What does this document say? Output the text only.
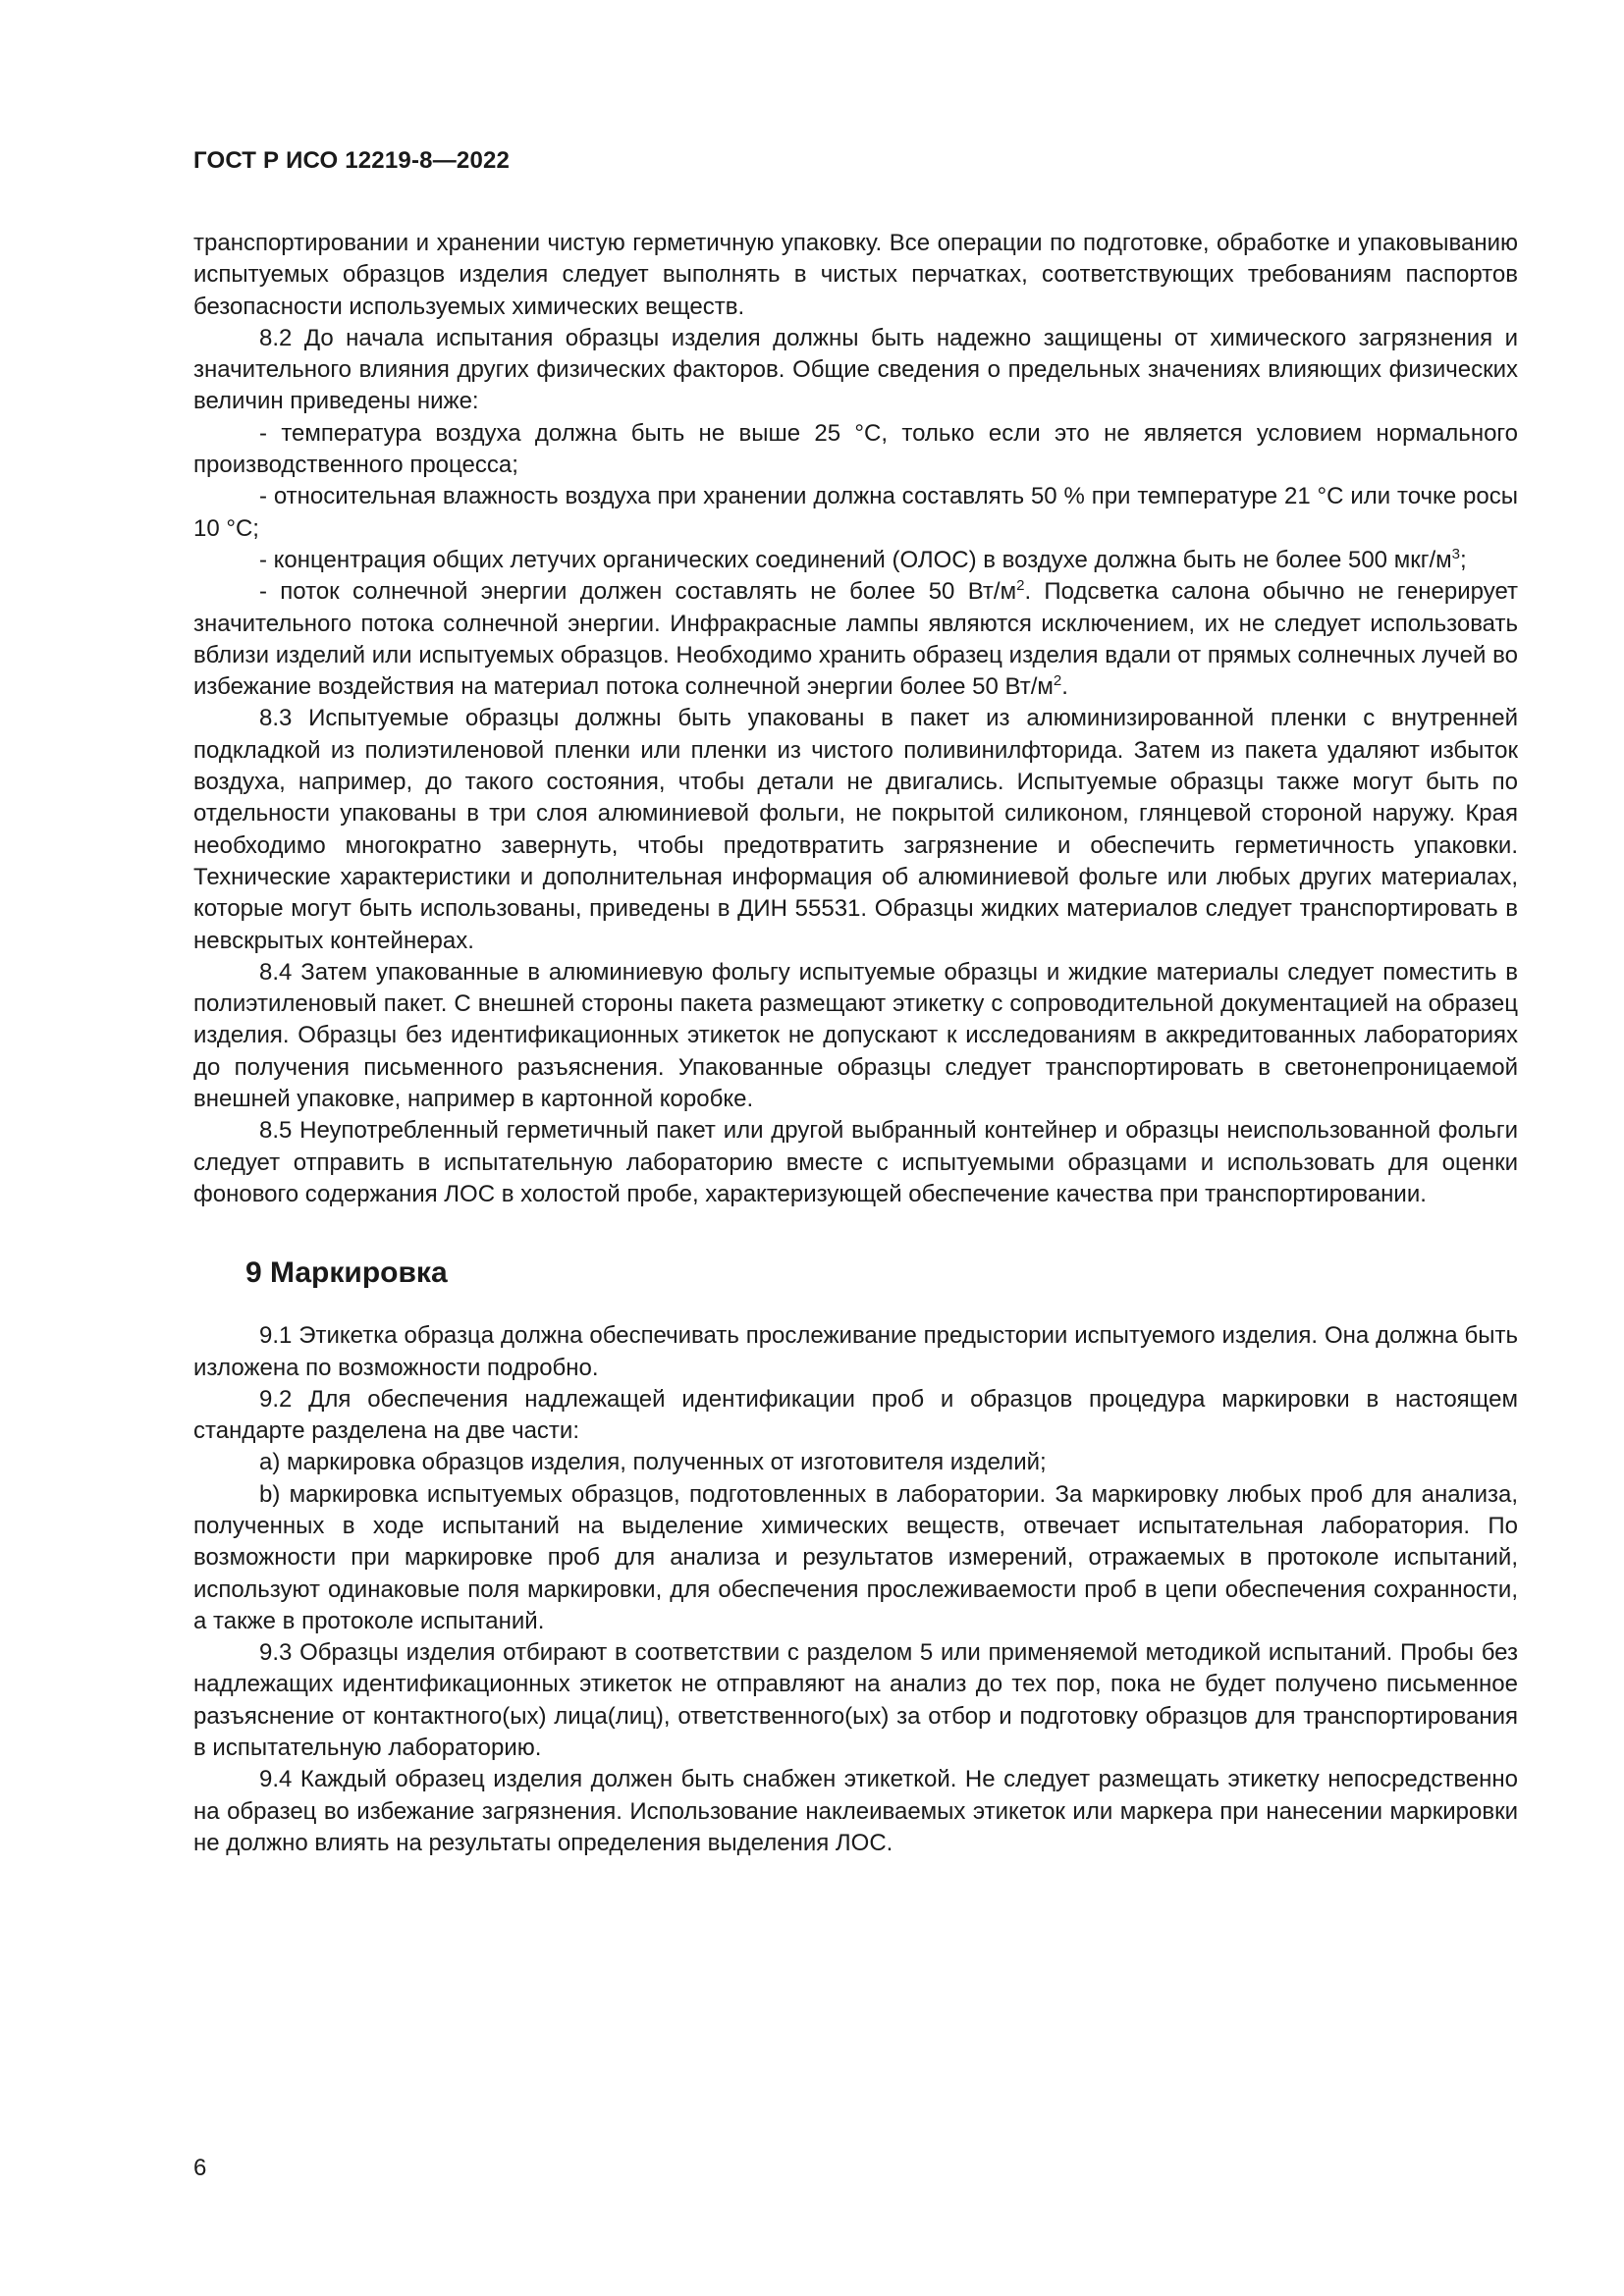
ГОСТ Р ИСО 12219-8—2022

транспортировании и хранении чистую герметичную упаковку. Все операции по подготовке, обработке и упаковыванию испытуемых образцов изделия следует выполнять в чистых перчатках, соответствующих требованиям паспортов безопасности используемых химических веществ.

8.2 До начала испытания образцы изделия должны быть надежно защищены от химического загрязнения и значительного влияния других физических факторов. Общие сведения о предельных значениях влияющих физических величин приведены ниже:

- температура воздуха должна быть не выше 25 °С, только если это не является условием нормального производственного процесса;

- относительная влажность воздуха при хранении должна составлять 50 % при температуре 21 °С или точке росы 10 °С;

- концентрация общих летучих органических соединений (ОЛОС) в воздухе должна быть не более 500 мкг/$м^3$;

- поток солнечной энергии должен составлять не более 50 $Вт/м^2$. Подсветка салона обычно не генерирует значительного потока солнечной энергии. Инфракрасные лампы являются исключением, их не следует использовать вблизи изделий или испытуемых образцов. Необходимо хранить образец изделия вдали от прямых солнечных лучей во избежание воздействия на материал потока солнечной энергии более 50 $Вт/м^2$.

8.3 Испытуемые образцы должны быть упакованы в пакет из алюминизированной пленки с внутренней подкладкой из полиэтиленовой пленки или пленки из чистого поливинилфторида. Затем из пакета удаляют избыток воздуха, например, до такого состояния, чтобы детали не двигались. Испытуемые образцы также могут быть по отдельности упакованы в три слоя алюминиевой фольги, не покрытой силиконом, глянцевой стороной наружу. Края необходимо многократно завернуть, чтобы предотвратить загрязнение и обеспечить герметичность упаковки. Технические характеристики и дополнительная информация об алюминиевой фольге или любых других материалах, которые могут быть использованы, приведены в ДИН 55531. Образцы жидких материалов следует транспортировать в невскрытых контейнерах.

8.4 Затем упакованные в алюминиевую фольгу испытуемые образцы и жидкие материалы следует поместить в полиэтиленовый пакет. С внешней стороны пакета размещают этикетку с сопроводительной документацией на образец изделия. Образцы без идентификационных этикеток не допускают к исследованиям в аккредитованных лабораториях до получения письменного разъяснения. Упакованные образцы следует транспортировать в светонепроницаемой внешней упаковке, например в картонной коробке.

8.5 Неупотребленный герметичный пакет или другой выбранный контейнер и образцы неиспользованной фольги следует отправить в испытательную лабораторию вместе с испытуемыми образцами и использовать для оценки фонового содержания ЛОС в холостой пробе, характеризующей обеспечение качества при транспортировании.

9 Маркировка

9.1 Этикетка образца должна обеспечивать прослеживание предыстории испытуемого изделия. Она должна быть изложена по возможности подробно.

9.2 Для обеспечения надлежащей идентификации проб и образцов процедура маркировки в настоящем стандарте разделена на две части:

a) маркировка образцов изделия, полученных от изготовителя изделий;

b) маркировка испытуемых образцов, подготовленных в лаборатории. За маркировку любых проб для анализа, полученных в ходе испытаний на выделение химических веществ, отвечает испытательная лаборатория. По возможности при маркировке проб для анализа и результатов измерений, отражаемых в протоколе испытаний, используют одинаковые поля маркировки, для обеспечения прослеживаемости проб в цепи обеспечения сохранности, а также в протоколе испытаний.

9.3 Образцы изделия отбирают в соответствии с разделом 5 или применяемой методикой испытаний. Пробы без надлежащих идентификационных этикеток не отправляют на анализ до тех пор, пока не будет получено письменное разъяснение от контактного(ых) лица(лиц), ответственного(ых) за отбор и подготовку образцов для транспортирования в испытательную лабораторию.

9.4 Каждый образец изделия должен быть снабжен этикеткой. Не следует размещать этикетку непосредственно на образец во избежание загрязнения. Использование наклеиваемых этикеток или маркера при нанесении маркировки не должно влиять на результаты определения выделения ЛОС.

6
